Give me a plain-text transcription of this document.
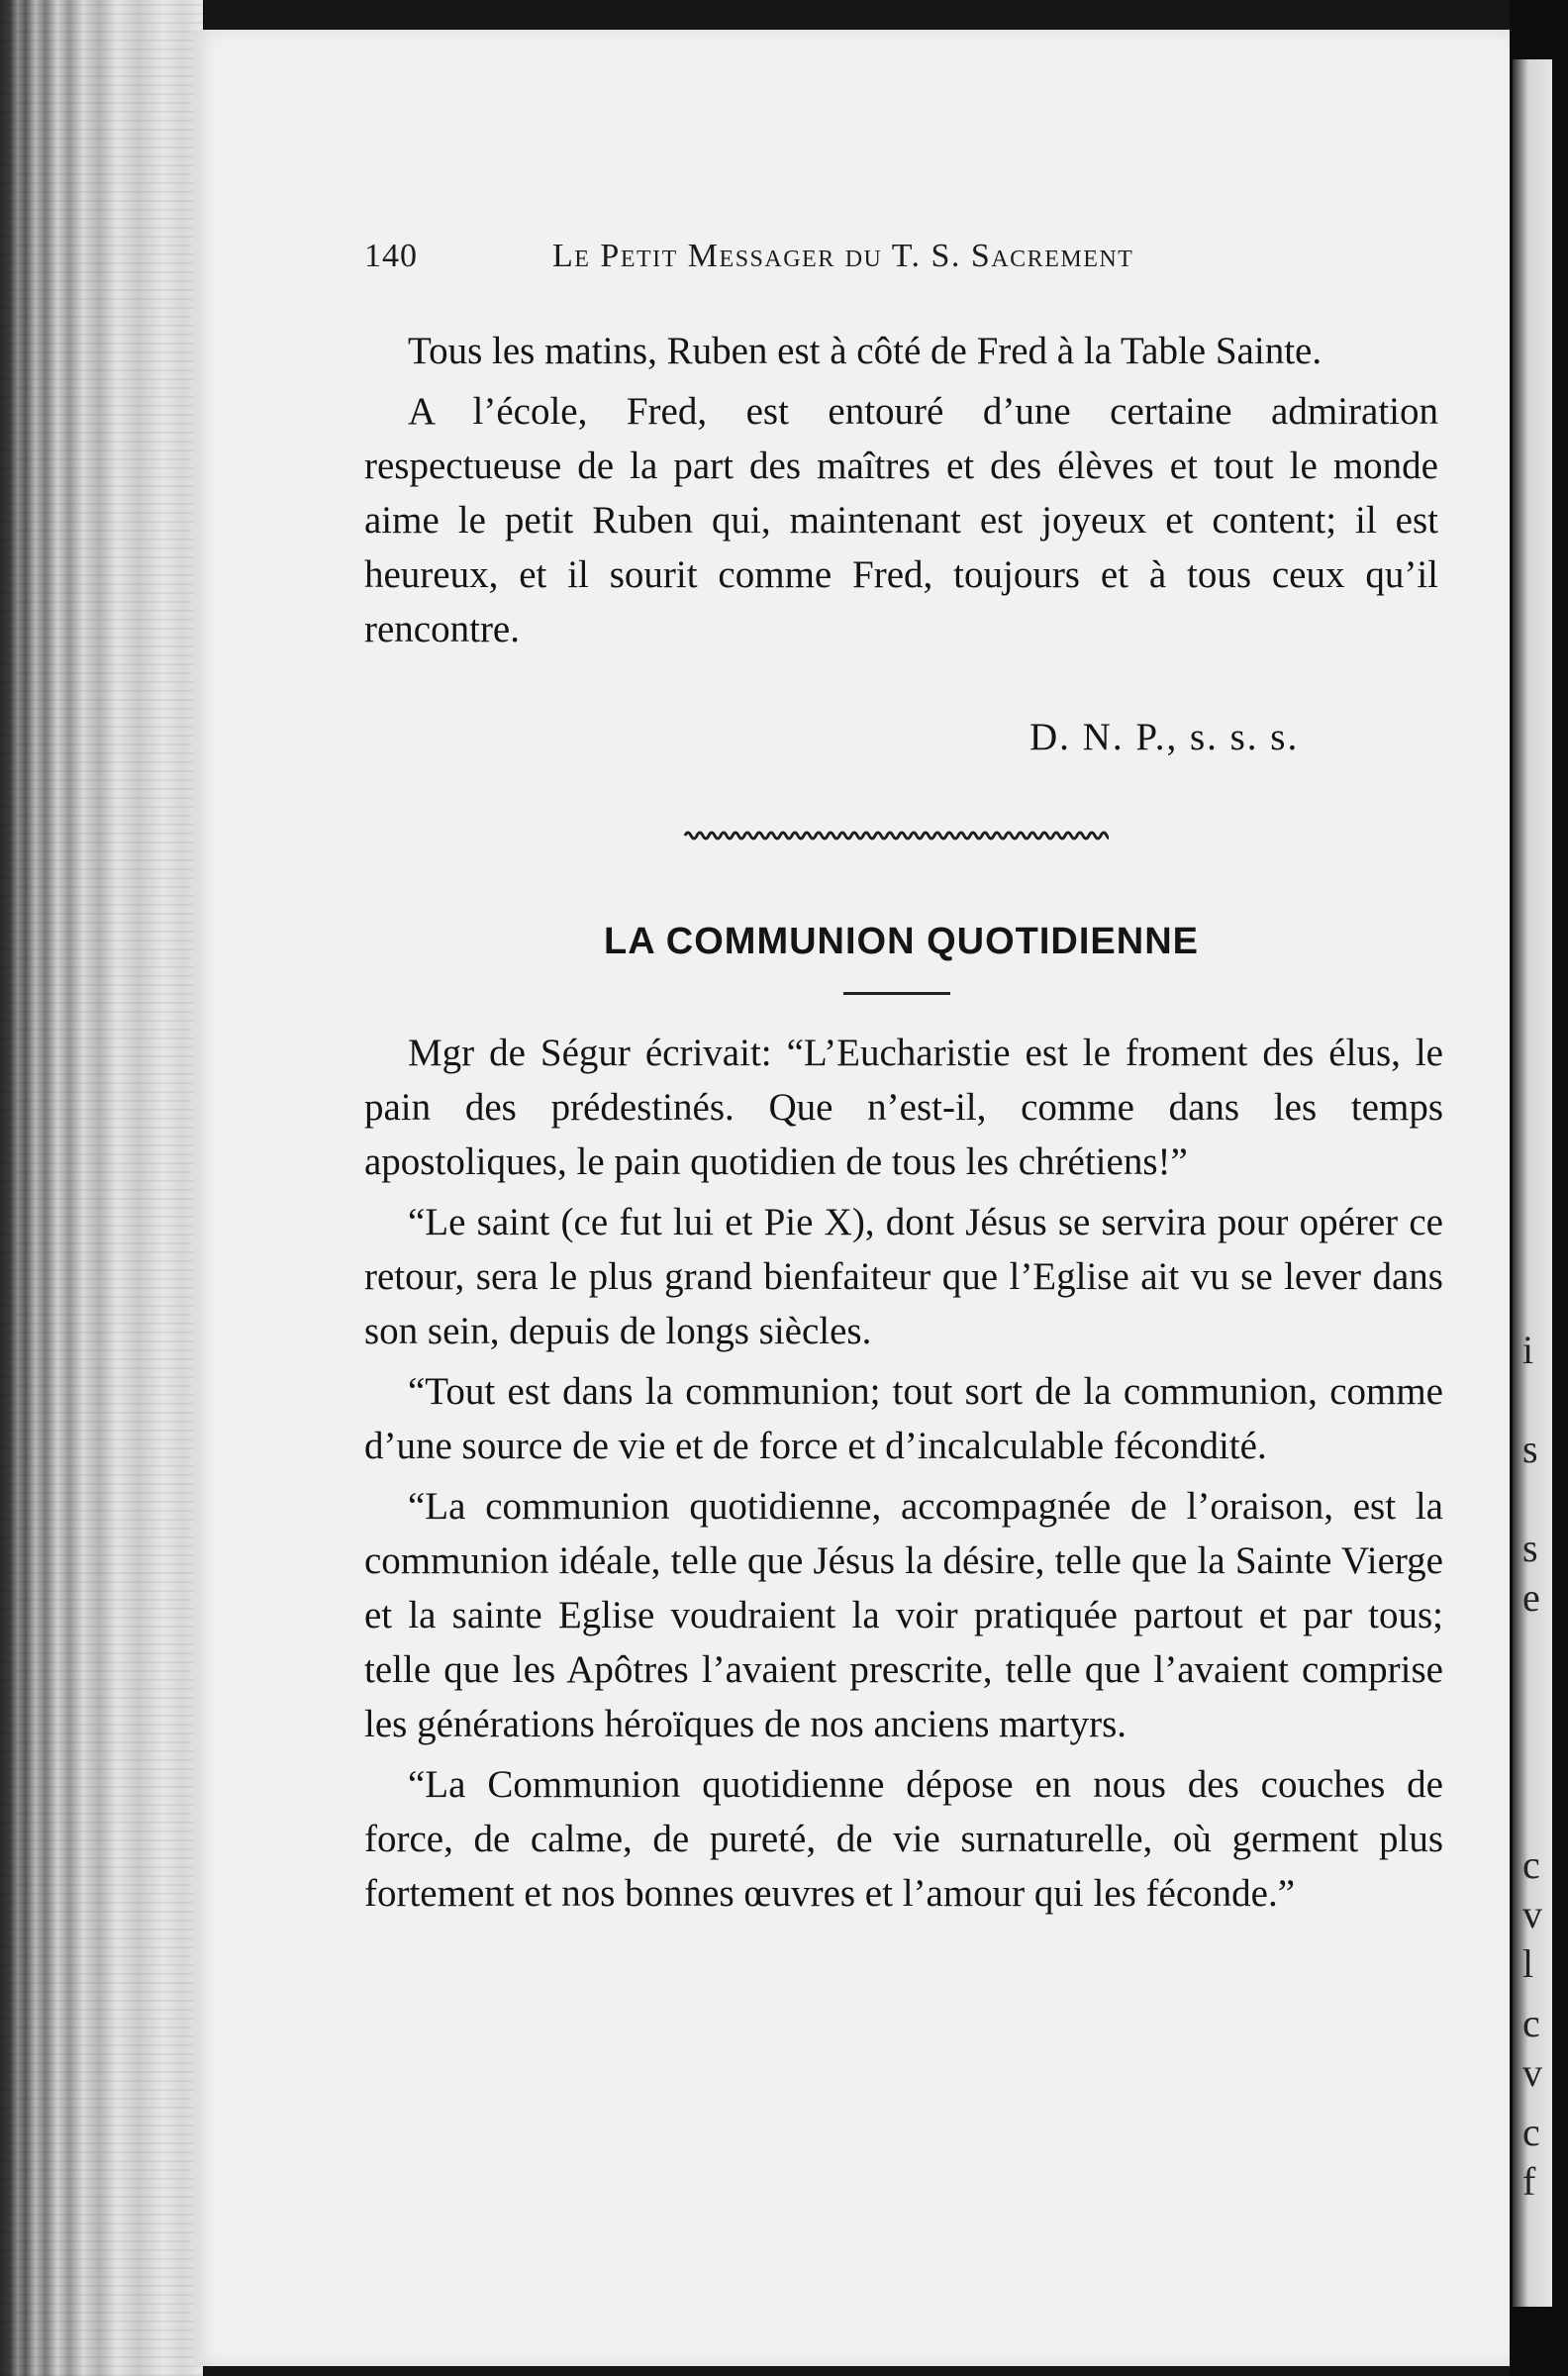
i
s
s
e
c
v
l
c
v
c
f
140	Le Petit Messager du T. S. Sacrement

Tous les matins, Ruben est à côté de Fred à la Table Sainte.

A l’école, Fred, est entouré d’une certaine admiration respectueuse de la part des maîtres et des élèves et tout le monde aime le petit Ruben qui, maintenant est joyeux et content; il est heureux, et il sourit comme Fred, toujours et à tous ceux qu’il rencontre.

D. N. P., s. s. s.
LA COMMUNION QUOTIDIENNE

Mgr de Ségur écrivait: “L’Eucharistie est le froment des élus, le pain des prédestinés. Que n’est-il, comme dans les temps apostoliques, le pain quotidien de tous les chrétiens!”

“Le saint (ce fut lui et Pie X), dont Jésus se servira pour opérer ce retour, sera le plus grand bienfaiteur que l’Eglise ait vu se lever dans son sein, depuis de longs siècles.

“Tout est dans la communion; tout sort de la communion, comme d’une source de vie et de force et d’incalculable fécondité.

“La communion quotidienne, accompagnée de l’oraison, est la communion idéale, telle que Jésus la désire, telle que la Sainte Vierge et la sainte Eglise voudraient la voir pratiquée partout et par tous; telle que les Apôtres l’avaient prescrite, telle que l’avaient comprise les générations héroïques de nos anciens martyrs.

“La Communion quotidienne dépose en nous des couches de force, de calme, de pureté, de vie surnaturelle, où germent plus fortement et nos bonnes œuvres et l’amour qui les féconde.”
